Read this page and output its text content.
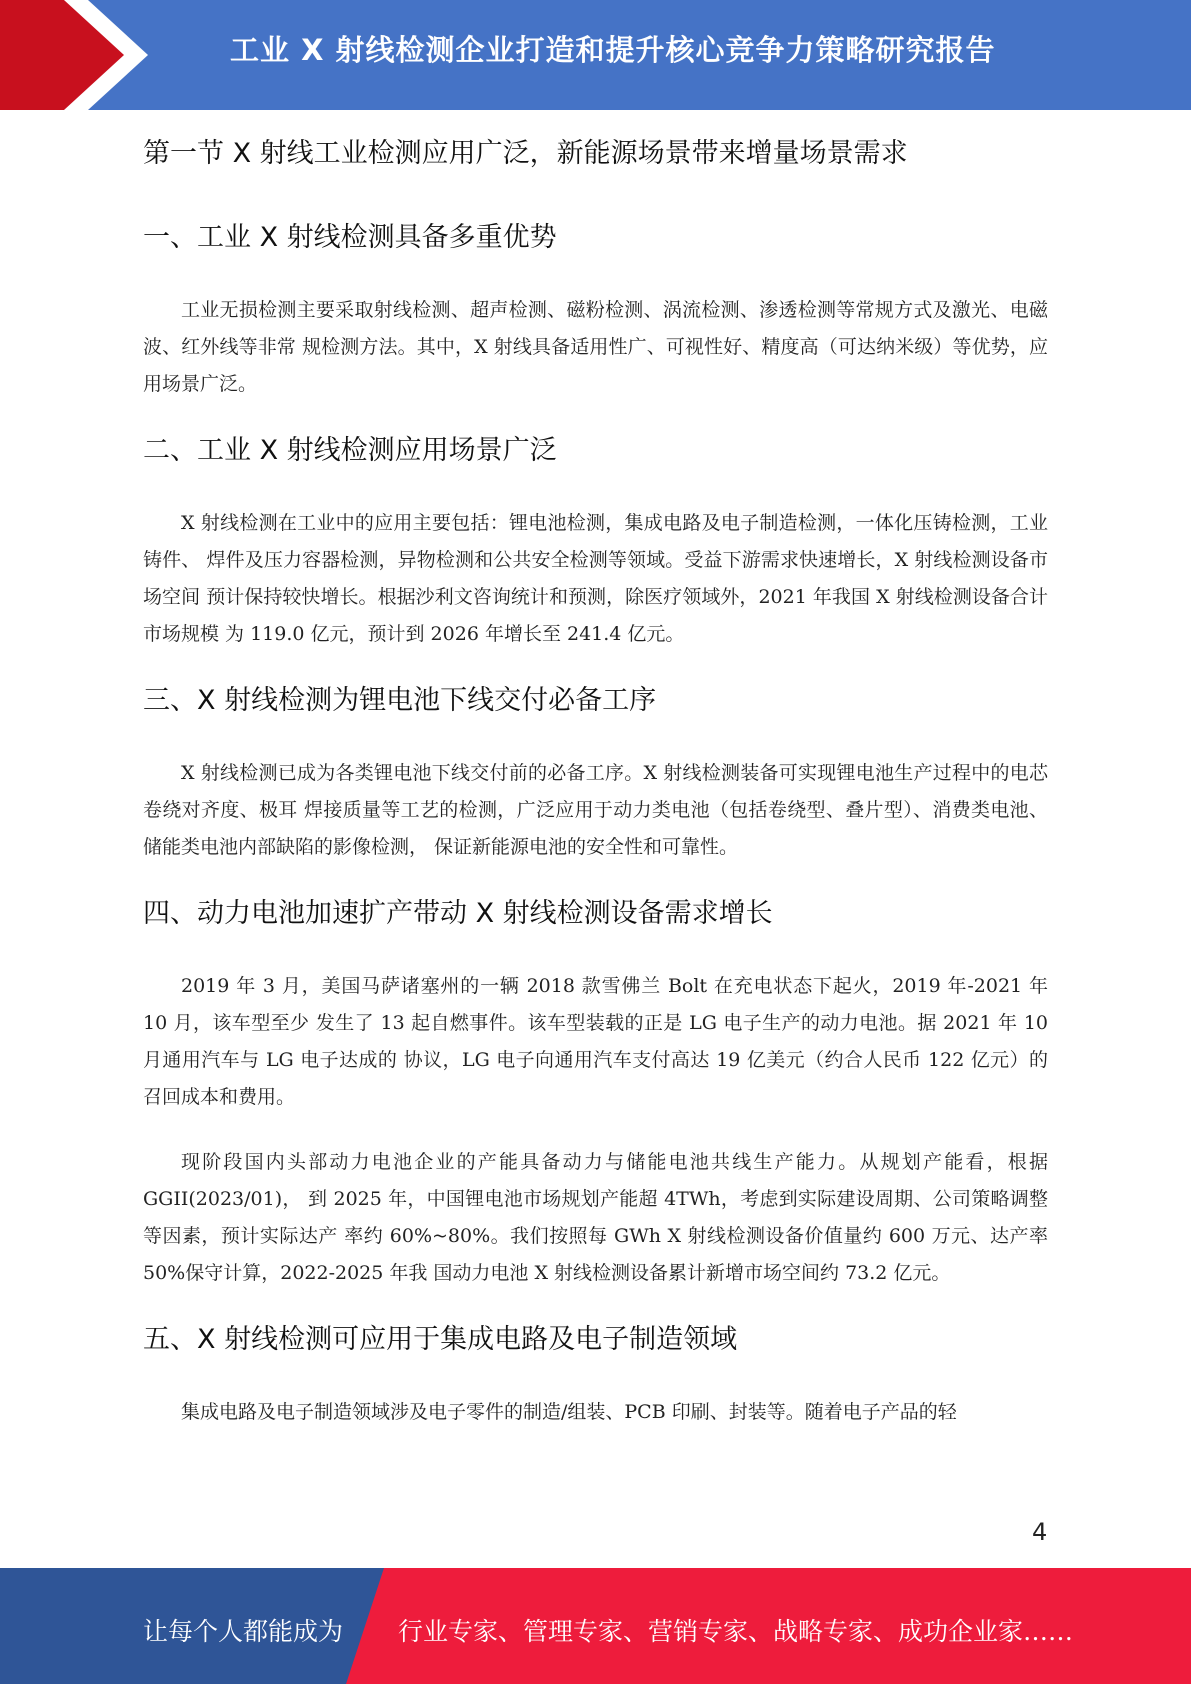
工业 X 射线检测企业打造和提升核心竞争力策略研究报告
第一节 X 射线工业检测应用广泛，新能源场景带来增量场景需求
一、工业 X 射线检测具备多重优势

工业无损检测主要采取射线检测、超声检测、磁粉检测、涡流检测、渗透检测等常规方式及激光、电磁波、红外线等非常 规检测方法。其中，X 射线具备适用性广、可视性好、精度高（可达纳米级）等优势，应用场景广泛。

二、工业 X 射线检测应用场景广泛

X 射线检测在工业中的应用主要包括：锂电池检测，集成电路及电子制造检测，一体化压铸检测，工业铸件、 焊件及压力容器检测，异物检测和公共安全检测等领域。受益下游需求快速增长，X 射线检测设备市场空间 预计保持较快增长。根据沙利文咨询统计和预测，除医疗领域外，2021 年我国 X 射线检测设备合计市场规模 为 119.0 亿元，预计到 2026 年增长至 241.4 亿元。

三、X 射线检测为锂电池下线交付必备工序

X 射线检测已成为各类锂电池下线交付前的必备工序。X 射线检测装备可实现锂电池生产过程中的电芯卷绕对齐度、极耳 焊接质量等工艺的检测，广泛应用于动力类电池（包括卷绕型、叠片型）、消费类电池、储能类电池内部缺陷的影像检测， 保证新能源电池的安全性和可靠性。

四、动力电池加速扩产带动 X 射线检测设备需求增长

2019 年 3 月，美国马萨诸塞州的一辆 2018 款雪佛兰 Bolt 在充电状态下起火，2019 年-2021 年 10 月，该车型至少 发生了 13 起自燃事件。该车型装载的正是 LG 电子生产的动力电池。据 2021 年 10 月通用汽车与 LG 电子达成的 协议，LG 电子向通用汽车支付高达 19 亿美元（约合人民币 122 亿元）的召回成本和费用。

现阶段国内头部动力电池企业的产能具备动力与储能电池共线生产能力。从规划产能看，根据 GGII(2023/01)， 到 2025 年，中国锂电池市场规划产能超 4TWh，考虑到实际建设周期、公司策略调整等因素，预计实际达产 率约 60%~80%。我们按照每 GWh X 射线检测设备价值量约 600 万元、达产率 50%保守计算，2022-2025 年我 国动力电池 X 射线检测设备累计新增市场空间约 73.2 亿元。

五、X 射线检测可应用于集成电路及电子制造领域

集成电路及电子制造领域涉及电子零件的制造/组装、PCB 印刷、封装等。随着电子产品的轻

4
让每个人都能成为 行业专家、管理专家、营销专家、战略专家、成功企业家……
